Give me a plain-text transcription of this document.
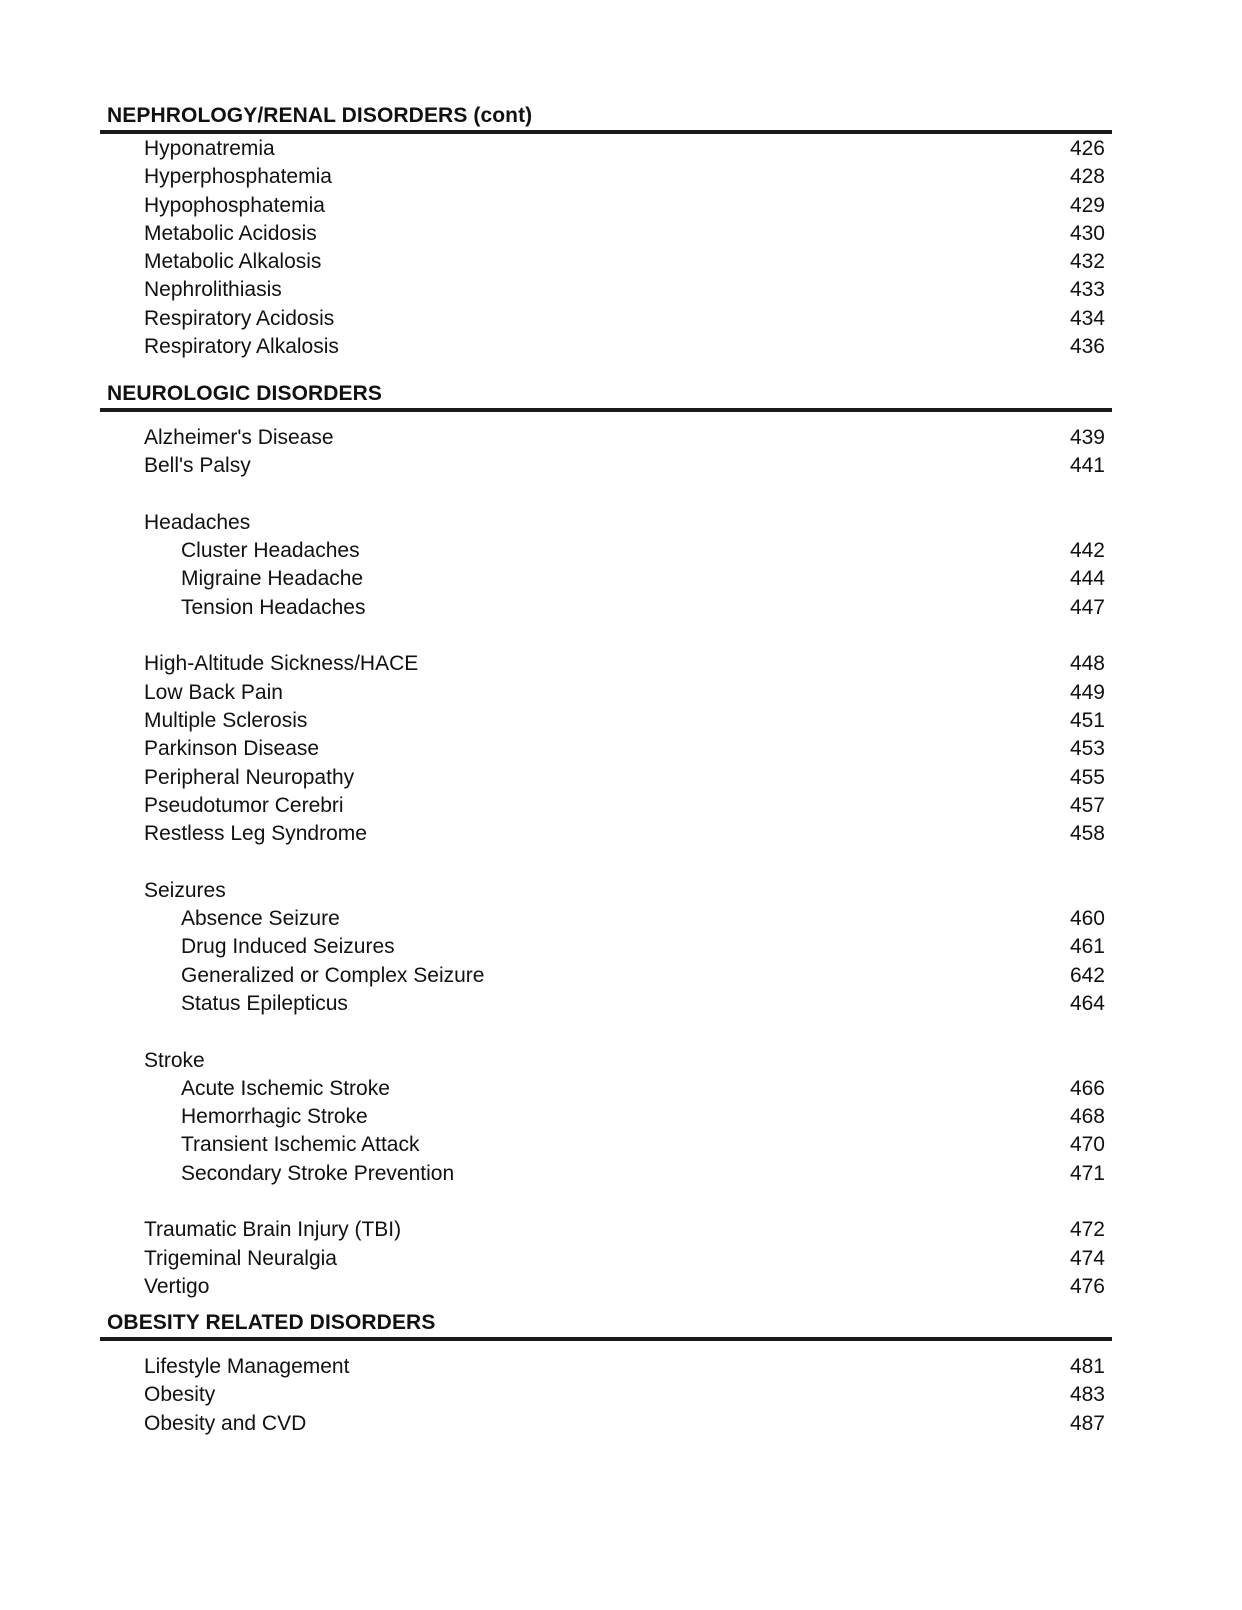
NEPHROLOGY/RENAL DISORDERS (cont)
Hyponatremia	426
Hyperphosphatemia	428
Hypophosphatemia	429
Metabolic Acidosis	430
Metabolic Alkalosis	432
Nephrolithiasis	433
Respiratory Acidosis	434
Respiratory Alkalosis	436
NEUROLOGIC DISORDERS
Alzheimer's Disease	439
Bell's Palsy	441
Headaches
Cluster Headaches	442
Migraine Headache	444
Tension Headaches	447
High-Altitude Sickness/HACE	448
Low Back Pain	449
Multiple Sclerosis	451
Parkinson Disease	453
Peripheral Neuropathy	455
Pseudotumor Cerebri	457
Restless Leg Syndrome	458
Seizures
Absence Seizure	460
Drug Induced Seizures	461
Generalized or Complex Seizure	642
Status Epilepticus	464
Stroke
Acute Ischemic Stroke	466
Hemorrhagic Stroke	468
Transient Ischemic Attack	470
Secondary Stroke Prevention	471
Traumatic Brain Injury (TBI)	472
Trigeminal Neuralgia	474
Vertigo	476
OBESITY RELATED DISORDERS
Lifestyle Management	481
Obesity	483
Obesity and CVD	487
